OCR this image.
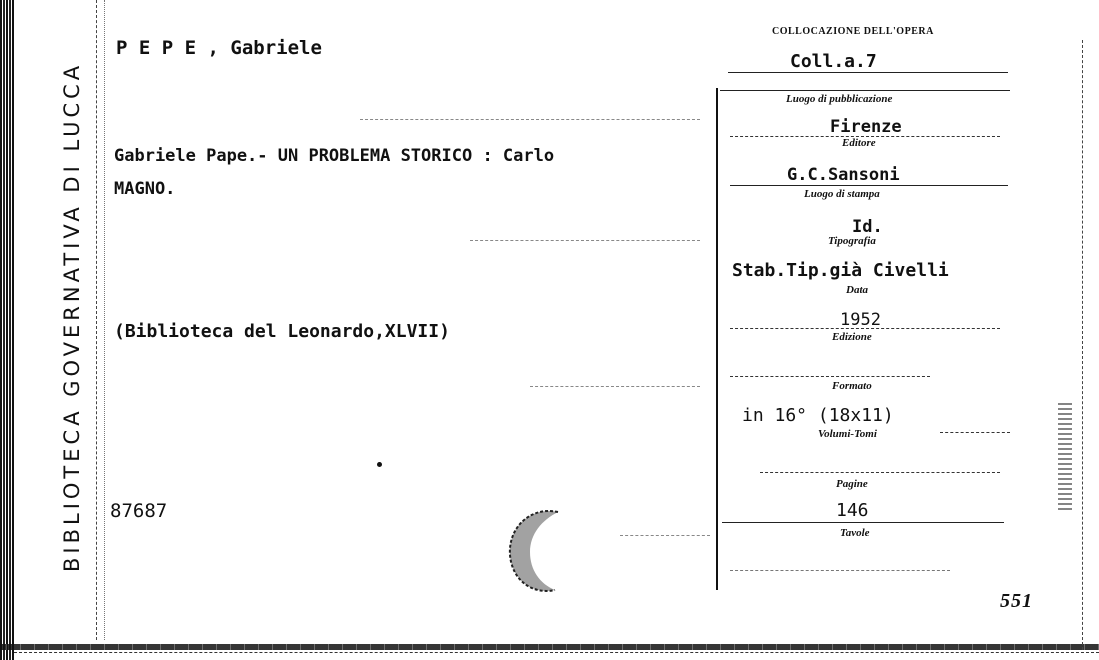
BIBLIOTECA GOVERNATIVA DI LUCCA
P E P E , Gabriele
Gabriele Pape.- UN PROBLEMA STORICO : Carlo
MAGNO.
(Biblioteca del Leonardo,XLVII)
87687
COLLOCAZIONE DELL'OPERA
Coll.a.7
Luogo di pubblicazione
Firenze
Editore
G.C.Sansoni
Luogo di stampa
Id.
Tipografia
Stab.Tip.già Civelli
Data
1952
Edizione
Formato
in 16° (18x11)
Volumi-Tomi
Pagine
146
Tavole
551
